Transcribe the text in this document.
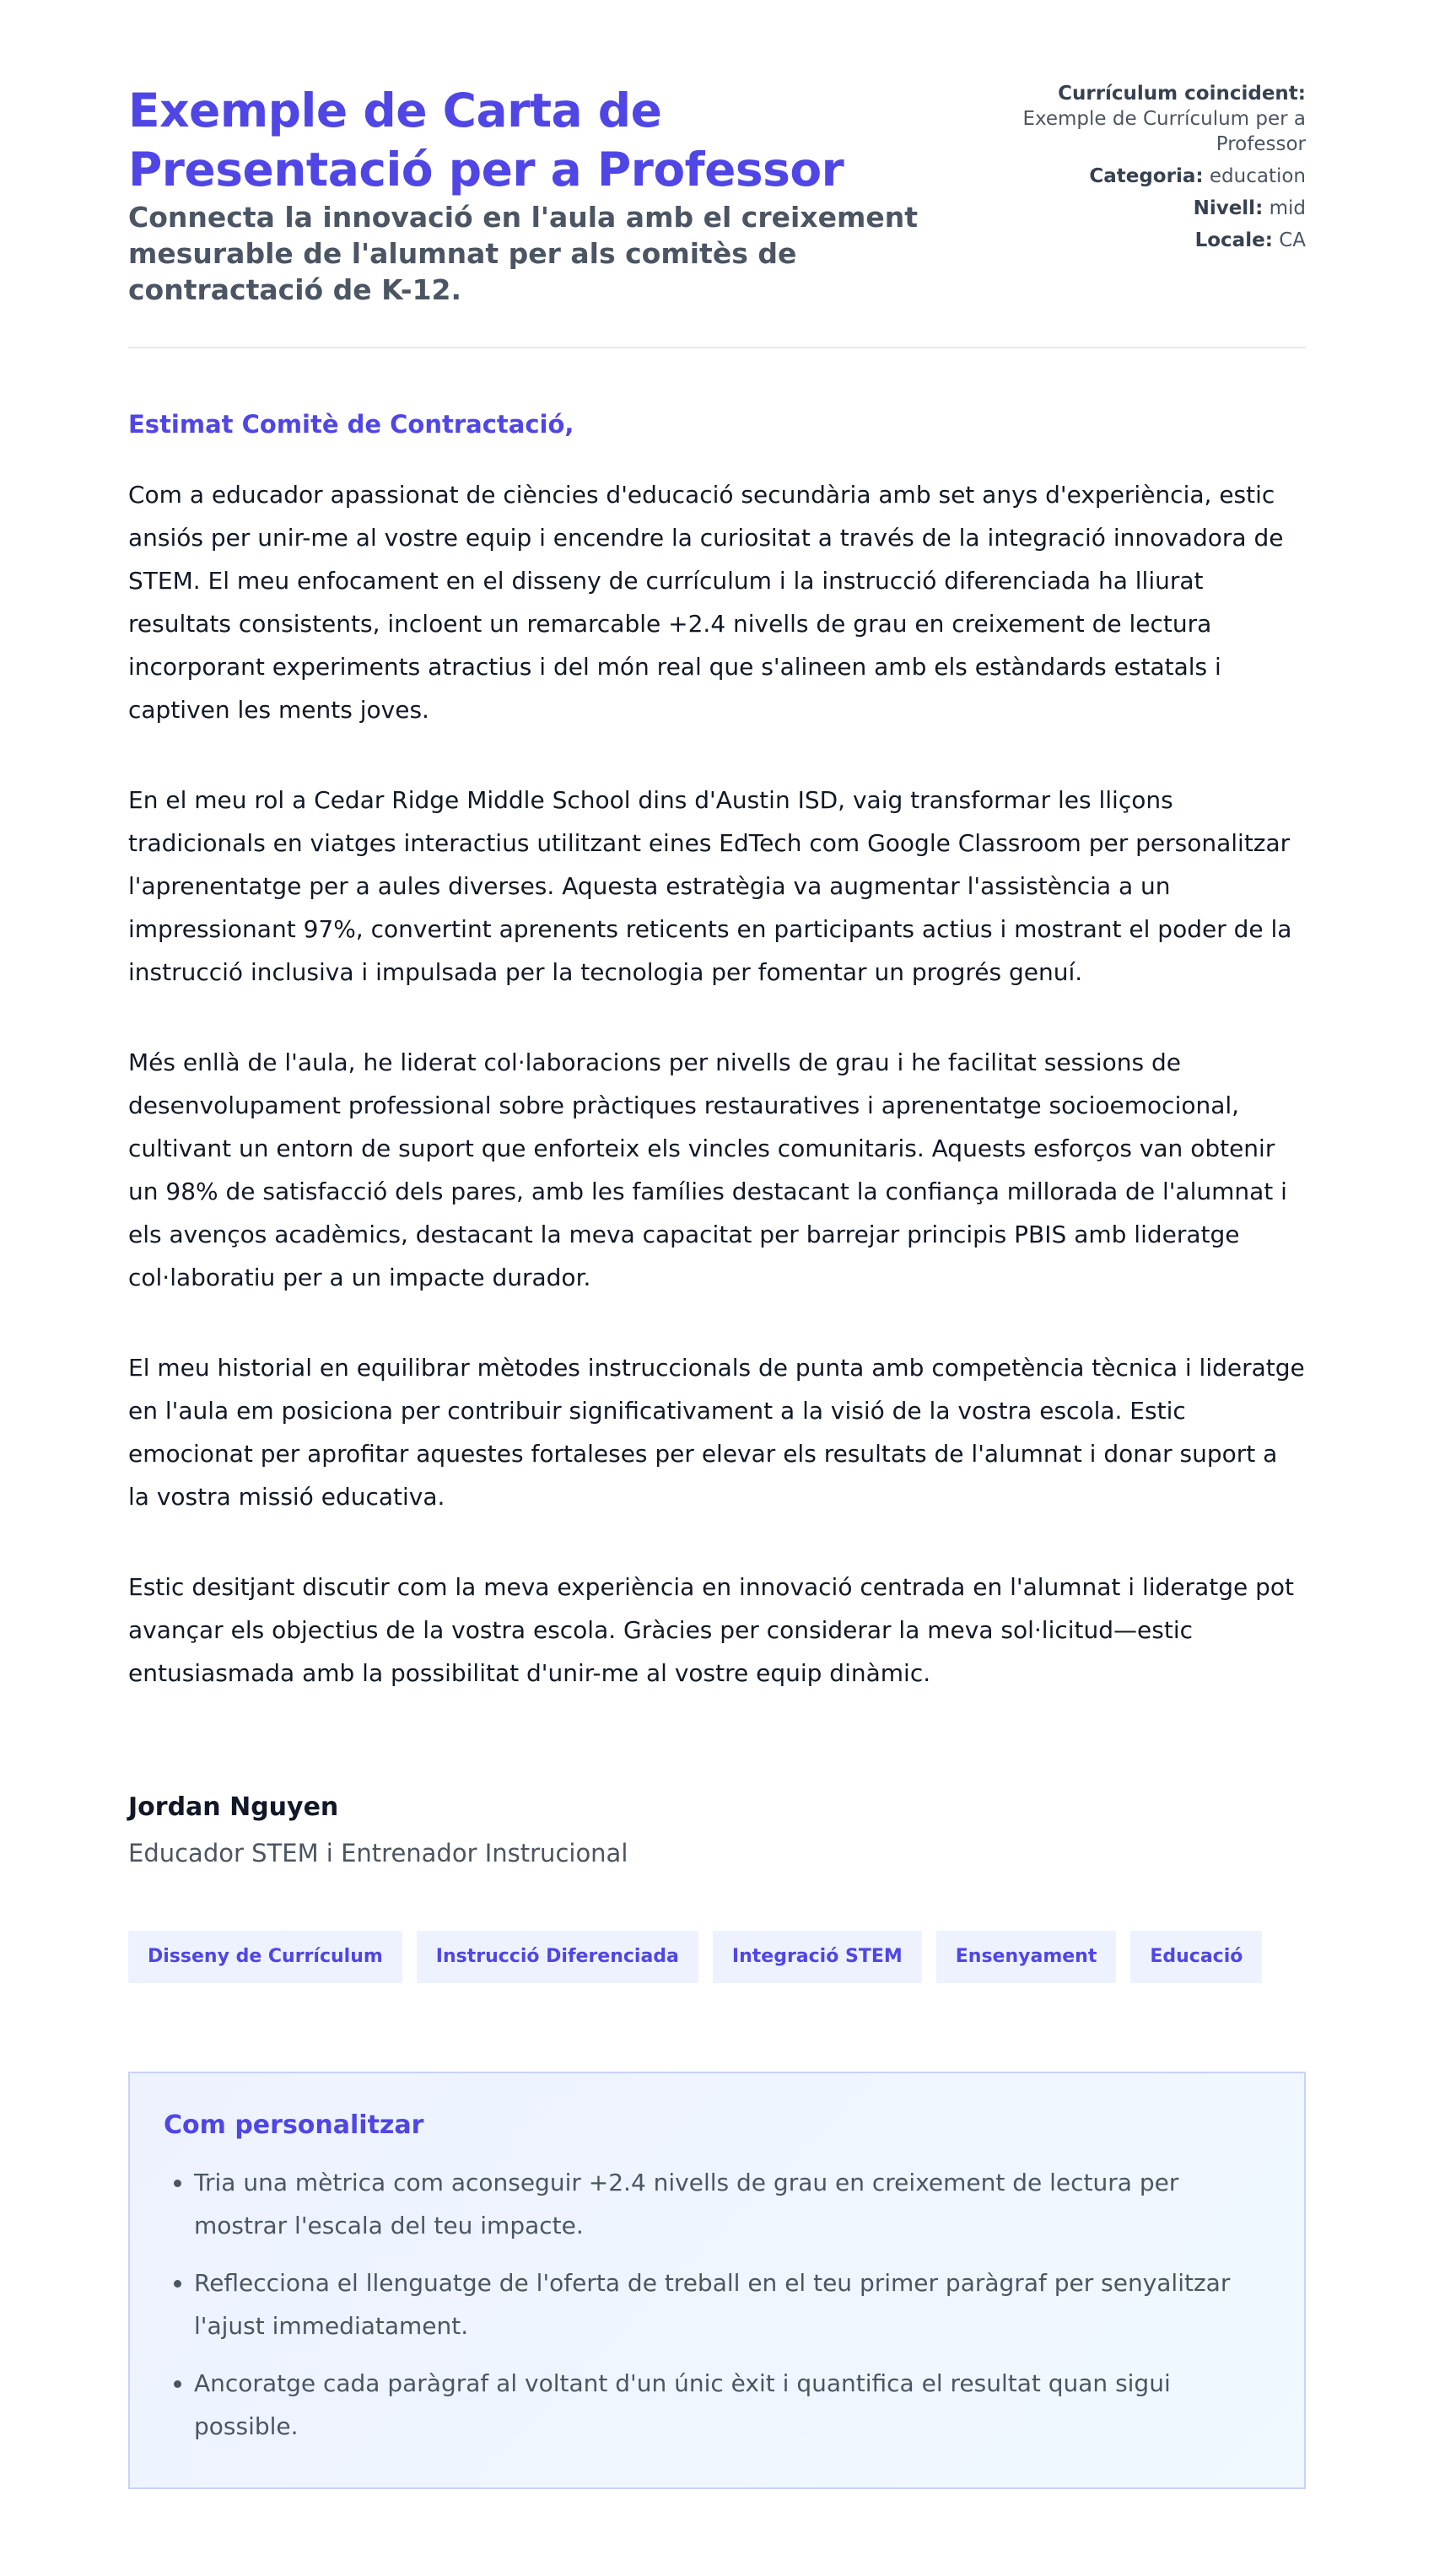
Exemple de Carta de Presentació per a Professor

Connecta la innovació en l'aula amb el creixement mesurable de l'alumnat per als comitès de contractació de K-12.

Currículum coincident:
Exemple de Currículum per a Professor
Categoria: education
Nivell: mid
Locale: CA
Estimat Comitè de Contractació,

Com a educador apassionat de ciències d'educació secundària amb set anys d'experiència, estic ansiós per unir-me al vostre equip i encendre la curiositat a través de la integració innovadora de STEM. El meu enfocament en el disseny de currículum i la instrucció diferenciada ha lliurat resultats consistents, incloent un remarcable +2.4 nivells de grau en creixement de lectura incorporant experiments atractius i del món real que s'alineen amb els estàndards estatals i captiven les ments joves.

En el meu rol a Cedar Ridge Middle School dins d'Austin ISD, vaig transformar les lliçons tradicionals en viatges interactius utilitzant eines EdTech com Google Classroom per personalitzar l'aprenentatge per a aules diverses. Aquesta estratègia va augmentar l'assistència a un impressionant 97%, convertint aprenents reticents en participants actius i mostrant el poder de la instrucció inclusiva i impulsada per la tecnologia per fomentar un progrés genuí.

Més enllà de l'aula, he liderat col·laboracions per nivells de grau i he facilitat sessions de desenvolupament professional sobre pràctiques restauratives i aprenentatge socioemocional, cultivant un entorn de suport que enforteix els vincles comunitaris. Aquests esforços van obtenir un 98% de satisfacció dels pares, amb les famílies destacant la confiança millorada de l'alumnat i els avenços acadèmics, destacant la meva capacitat per barrejar principis PBIS amb lideratge col·laboratiu per a un impacte durador.

El meu historial en equilibrar mètodes instruccionals de punta amb competència tècnica i lideratge en l'aula em posiciona per contribuir significativament a la visió de la vostra escola. Estic emocionat per aprofitar aquestes fortaleses per elevar els resultats de l'alumnat i donar suport a la vostra missió educativa.

Estic desitjant discutir com la meva experiència en innovació centrada en l'alumnat i lideratge pot avançar els objectius de la vostra escola. Gràcies per considerar la meva sol·licitud—estic entusiasmada amb la possibilitat d'unir-me al vostre equip dinàmic.

Jordan Nguyen
Educador STEM i Entrenador Instrucional
Disseny de Currículum	Instrucció Diferenciada	Integració STEM	Ensenyament	Educació
Com personalitzar
• Tria una mètrica com aconseguir +2.4 nivells de grau en creixement de lectura per mostrar l'escala del teu impacte.
• Reflecciona el llenguatge de l'oferta de treball en el teu primer paràgraf per senyalitzar l'ajust immediatament.
• Ancoratge cada paràgraf al voltant d'un únic èxit i quantifica el resultat quan sigui possible.
